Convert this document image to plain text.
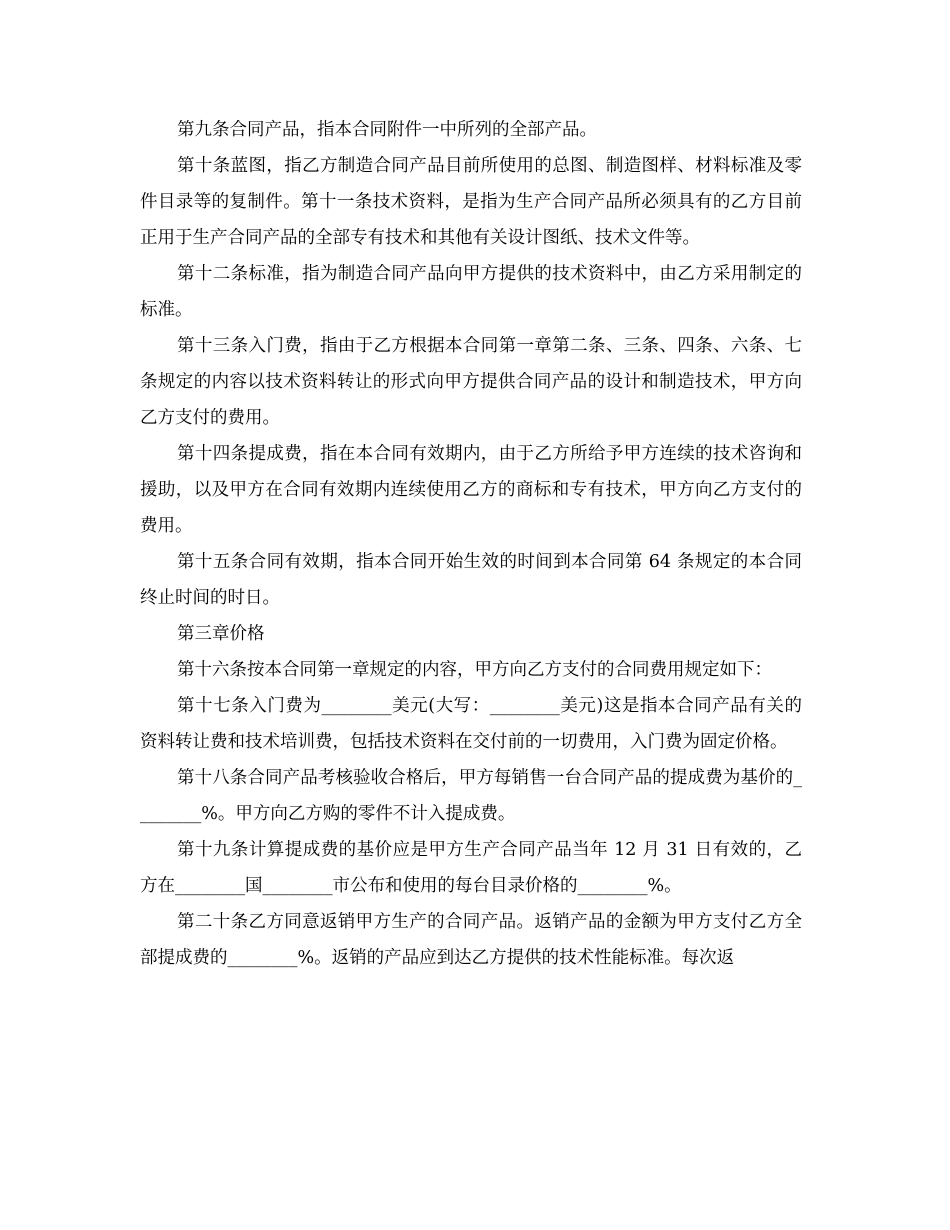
第九条合同产品，指本合同附件一中所列的全部产品。

第十条蓝图，指乙方制造合同产品目前所使用的总图、制造图样、材料标准及零件目录等的复制件。第十一条技术资料，是指为生产合同产品所必须具有的乙方目前正用于生产合同产品的全部专有技术和其他有关设计图纸、技术文件等。

第十二条标准，指为制造合同产品向甲方提供的技术资料中，由乙方采用制定的标准。

第十三条入门费，指由于乙方根据本合同第一章第二条、三条、四条、六条、七条规定的内容以技术资料转让的形式向甲方提供合同产品的设计和制造技术，甲方向乙方支付的费用。

第十四条提成费，指在本合同有效期内，由于乙方所给予甲方连续的技术咨询和援助，以及甲方在合同有效期内连续使用乙方的商标和专有技术，甲方向乙方支付的费用。

第十五条合同有效期，指本合同开始生效的时间到本合同第 64 条规定的本合同终止时间的时日。

第三章价格

第十六条按本合同第一章规定的内容，甲方向乙方支付的合同费用规定如下：

第十七条入门费为________美元(大写：________美元)这是指本合同产品有关的资料转让费和技术培训费，包括技术资料在交付前的一切费用，入门费为固定价格。

第十八条合同产品考核验收合格后，甲方每销售一台合同产品的提成费为基价的________%。甲方向乙方购的零件不计入提成费。

第十九条计算提成费的基价应是甲方生产合同产品当年 12 月 31 日有效的，乙方在________国________市公布和使用的每台目录价格的________%。

第二十条乙方同意返销甲方生产的合同产品。返销产品的金额为甲方支付乙方全部提成费的________%。返销的产品应到达乙方提供的技术性能标准。每次返
